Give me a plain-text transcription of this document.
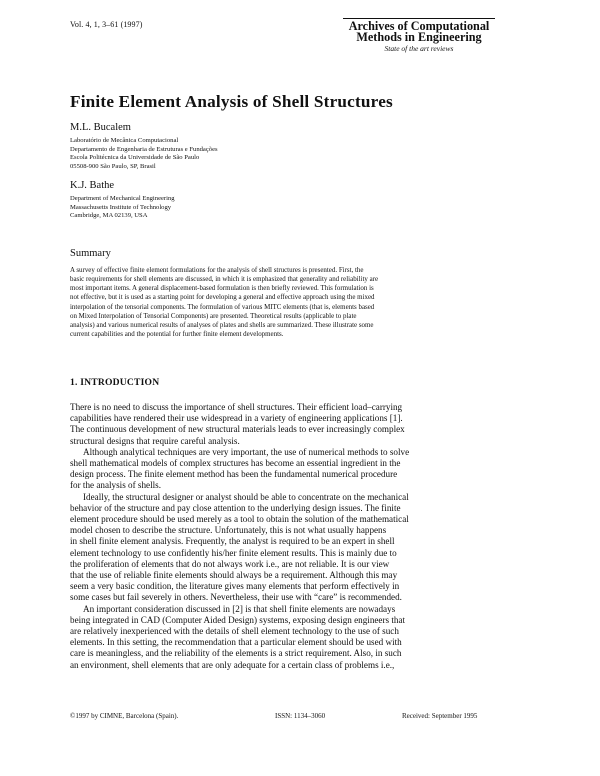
Vol. 4, 1, 3–61 (1997)	Archives of Computational
Methods in Engineering
State of the art reviews
Finite Element Analysis of Shell Structures
M.L. Bucalem
Laboratório de Mecânica Computacional
Departamento de Engenharia de Estruturas e Fundações
Escola Politécnica da Universidade de São Paulo
05508-900 São Paulo, SP, Brasil
K.J. Bathe
Department of Mechanical Engineering
Massachusetts Institute of Technology
Cambridge, MA 02139, USA
Summary
A survey of effective finite element formulations for the analysis of shell structures is presented. First, the
basic requirements for shell elements are discussed, in which it is emphasized that generality and reliability are
most important items. A general displacement-based formulation is then briefly reviewed. This formulation is
not effective, but it is used as a starting point for developing a general and effective approach using the mixed
interpolation of the tensorial components. The formulation of various MITC elements (that is, elements based
on Mixed Interpolation of Tensorial Components) are presented. Theoretical results (applicable to plate
analysis) and various numerical results of analyses of plates and shells are summarized. These illustrate some
current capabilities and the potential for further finite element developments.
1. INTRODUCTION
There is no need to discuss the importance of shell structures. Their efficient load–carrying
capabilities have rendered their use widespread in a variety of engineering applications [1].
The continuous development of new structural materials leads to ever increasingly complex
structural designs that require careful analysis.
Although analytical techniques are very important, the use of numerical methods to solve
shell mathematical models of complex structures has become an essential ingredient in the
design process. The finite element method has been the fundamental numerical procedure
for the analysis of shells.
Ideally, the structural designer or analyst should be able to concentrate on the mechanical
behavior of the structure and pay close attention to the underlying design issues. The finite
element procedure should be used merely as a tool to obtain the solution of the mathematical
model chosen to describe the structure. Unfortunately, this is not what usually happens
in shell finite element analysis. Frequently, the analyst is required to be an expert in shell
element technology to use confidently his/her finite element results. This is mainly due to
the proliferation of elements that do not always work i.e., are not reliable. It is our view
that the use of reliable finite elements should always be a requirement. Although this may
seem a very basic condition, the literature gives many elements that perform effectively in
some cases but fail severely in others. Nevertheless, their use with “care” is recommended.
An important consideration discussed in [2] is that shell finite elements are nowadays
being integrated in CAD (Computer Aided Design) systems, exposing design engineers that
are relatively inexperienced with the details of shell element technology to the use of such
elements. In this setting, the recommendation that a particular element should be used with
care is meaningless, and the reliability of the elements is a strict requirement. Also, in such
an environment, shell elements that are only adequate for a certain class of problems i.e.,
©1997 by CIMNE, Barcelona (Spain).	ISSN: 1134–3060	Received: September 1995
